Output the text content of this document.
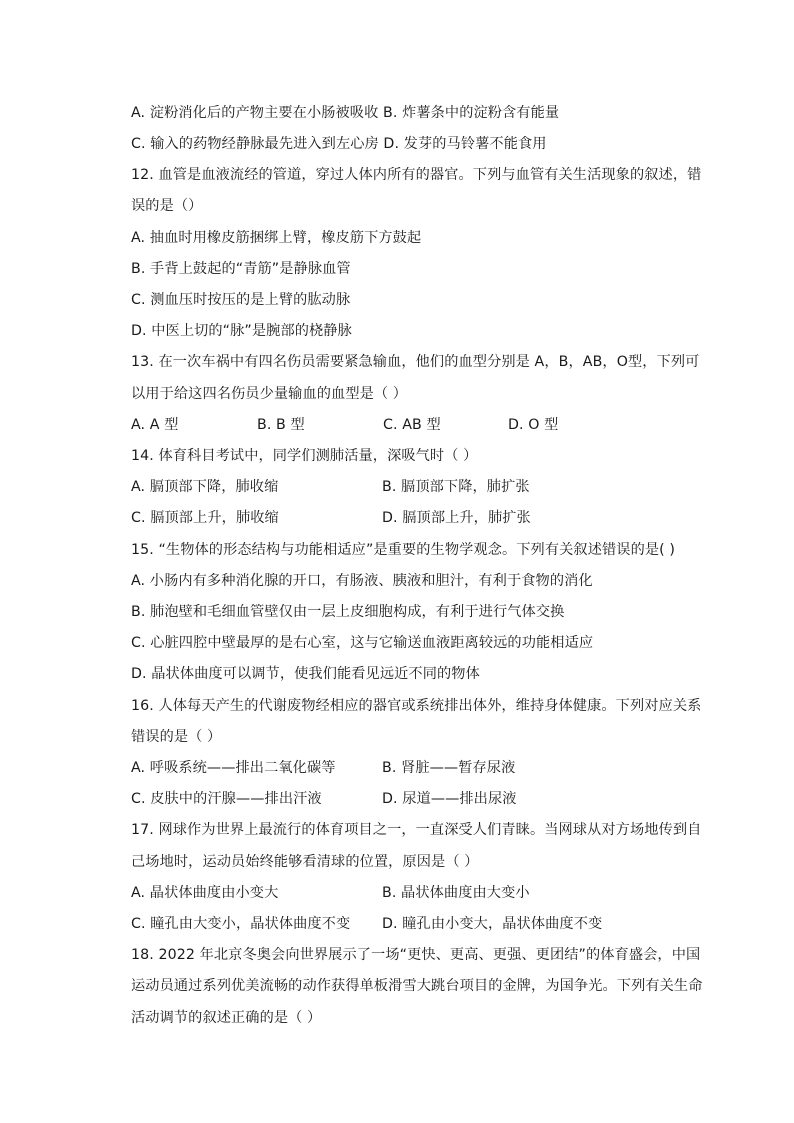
A. 淀粉消化后的产物主要在小肠被吸收 B. 炸薯条中的淀粉含有能量
C. 输入的药物经静脉最先进入到左心房 D. 发芽的马铃薯不能食用
12. 血管是血液流经的管道，穿过人体内所有的器官。下列与血管有关生活现象的叙述，错
误的是（）
A. 抽血时用橡皮筋捆绑上臂，橡皮筋下方鼓起
B. 手背上鼓起的“青筋”是静脉血管
C. 测血压时按压的是上臂的肱动脉
D. 中医上切的“脉”是腕部的桡静脉
13. 在一次车祸中有四名伤员需要紧急输血，他们的血型分别是 A，B，AB，O型，下列可
以用于给这四名伤员少量输血的血型是（ ）
A. A 型	B. B 型	C. AB 型	D. O 型
14. 体育科目考试中，同学们测肺活量，深吸气时（ ）
A. 膈顶部下降，肺收缩	B. 膈顶部下降，肺扩张
C. 膈顶部上升，肺收缩	D. 膈顶部上升，肺扩张
15. “生物体的形态结构与功能相适应”是重要的生物学观念。下列有关叙述错误的是( )
A. 小肠内有多种消化腺的开口，有肠液、胰液和胆汁，有利于食物的消化
B. 肺泡壁和毛细血管壁仅由一层上皮细胞构成，有利于进行气体交换
C. 心脏四腔中壁最厚的是右心室，这与它输送血液距离较远的功能相适应
D. 晶状体曲度可以调节，使我们能看见远近不同的物体
16. 人体每天产生的代谢废物经相应的器官或系统排出体外，维持身体健康。下列对应关系
错误的是（ ）
A. 呼吸系统——排出二氧化碳等	B. 肾脏——暂存尿液
C. 皮肤中的汗腺——排出汗液	D. 尿道——排出尿液
17. 网球作为世界上最流行的体育项目之一，一直深受人们青睐。当网球从对方场地传到自
己场地时，运动员始终能够看清球的位置，原因是（ ）
A. 晶状体曲度由小变大	B. 晶状体曲度由大变小
C. 瞳孔由大变小，晶状体曲度不变 D. 瞳孔由小变大，晶状体曲度不变
18. 2022 年北京冬奥会向世界展示了一场“更快、更高、更强、更团结”的体育盛会，中国
运动员通过系列优美流畅的动作获得单板滑雪大跳台项目的金牌，为国争光。下列有关生命
活动调节的叙述正确的是（ ）
